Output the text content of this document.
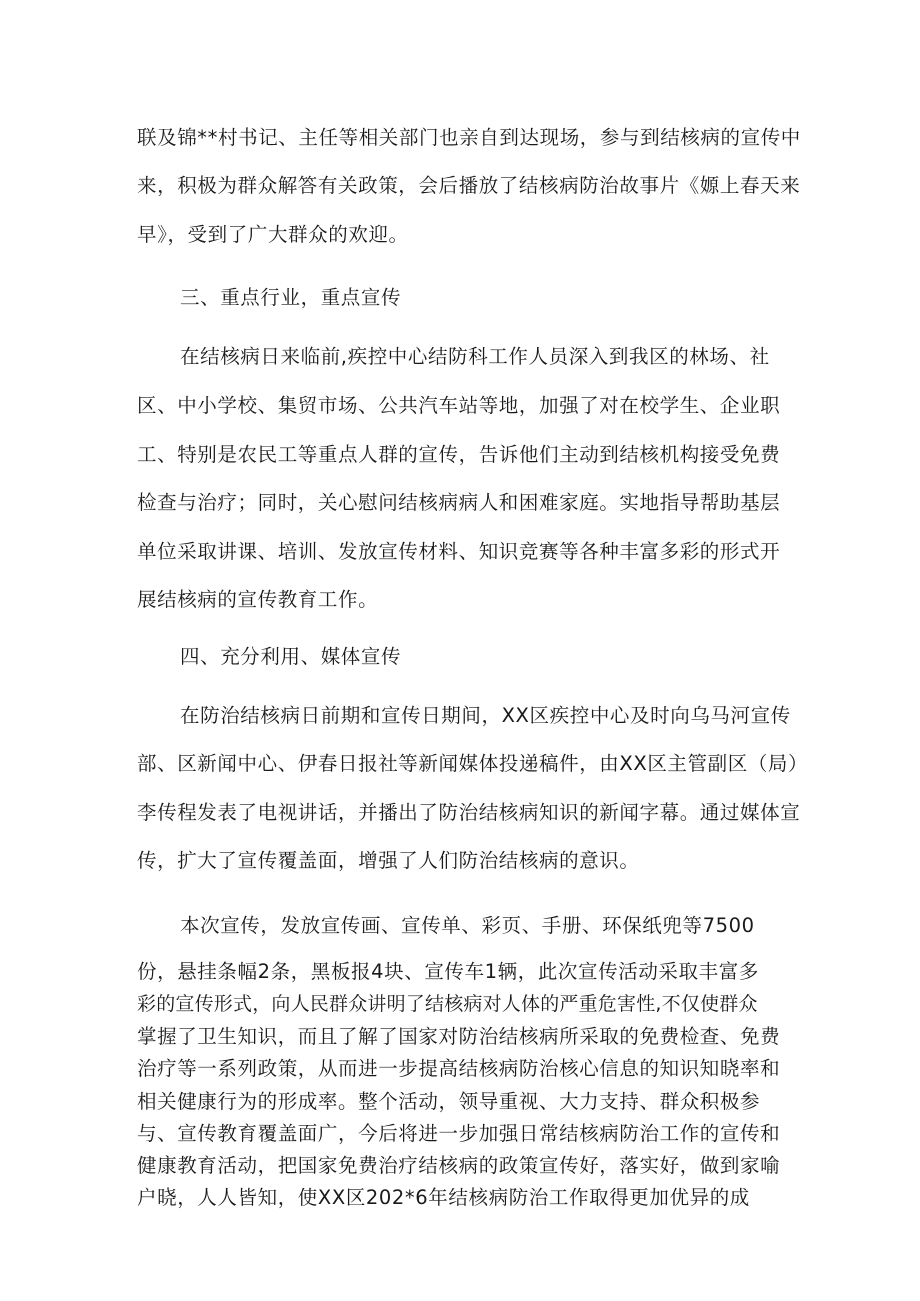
联及锦**村书记、主任等相关部门也亲自到达现场，参与到结核病的宣传中
来，积极为群众解答有关政策，会后播放了结核病防治故事片《嫄上春天来
早》，受到了广大群众的欢迎。
三、重点行业，重点宣传
在结核病日来临前,疾控中心结防科工作人员深入到我区的林场、社
区、中小学校、集贸市场、公共汽车站等地，加强了对在校学生、企业职
工、特别是农民工等重点人群的宣传，告诉他们主动到结核机构接受免费
检查与治疗；同时，关心慰问结核病病人和困难家庭。实地指导帮助基层
单位采取讲课、培训、发放宣传材料、知识竞赛等各种丰富多彩的形式开
展结核病的宣传教育工作。
四、充分利用、媒体宣传
在防治结核病日前期和宣传日期间，XX区疾控中心及时向乌马河宣传
部、区新闻中心、伊春日报社等新闻媒体投递稿件，由XX区主管副区（局）
李传程发表了电视讲话，并播出了防治结核病知识的新闻字幕。通过媒体宣
传，扩大了宣传覆盖面，增强了人们防治结核病的意识。
本次宣传，发放宣传画、宣传单、彩页、手册、环保纸兜等7500
份，悬挂条幅2条，黑板报4块、宣传车1辆，此次宣传活动采取丰富多
彩的宣传形式，向人民群众讲明了结核病对人体的严重危害性,不仅使群众
掌握了卫生知识，而且了解了国家对防治结核病所采取的免费检查、免费
治疗等一系列政策，从而进一步提高结核病防治核心信息的知识知晓率和
相关健康行为的形成率。整个活动，领导重视、大力支持、群众积极参
与、宣传教育覆盖面广，今后将进一步加强日常结核病防治工作的宣传和
健康教育活动，把国家免费治疗结核病的政策宣传好，落实好，做到家喻
户晓，人人皆知，使XX区202*6年结核病防治工作取得更加优异的成
